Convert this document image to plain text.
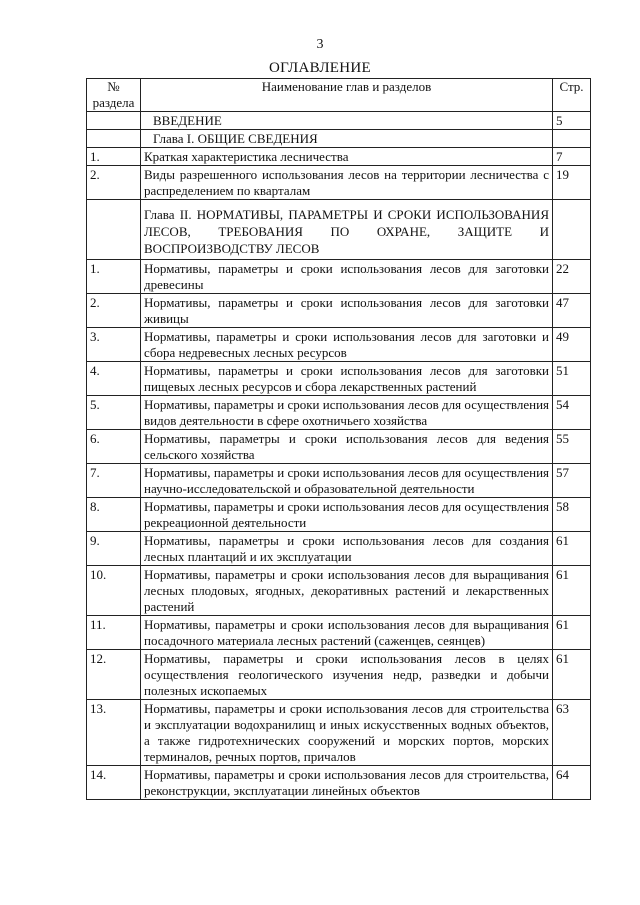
3
ОГЛАВЛЕНИЕ
№ раздела	Наименование глав и разделов	Стр.
	ВВЕДЕНИЕ	5
	Глава I. ОБЩИЕ СВЕДЕНИЯ	
1.	Краткая характеристика лесничества	7
2.	Виды разрешенного использования лесов на территории лесничества с распределением по кварталам	19
	Глава II. НОРМАТИВЫ, ПАРАМЕТРЫ И СРОКИ ИСПОЛЬЗОВАНИЯ ЛЕСОВ, ТРЕБОВАНИЯ ПО ОХРАНЕ, ЗАЩИТЕ И ВОСПРОИЗВОДСТВУ ЛЕСОВ	
1.	Нормативы, параметры и сроки использования лесов для заготовки древесины	22
2.	Нормативы, параметры и сроки использования лесов для заготовки живицы	47
3.	Нормативы, параметры и сроки использования лесов для заготовки и сбора недревесных лесных ресурсов	49
4.	Нормативы, параметры и сроки использования лесов для заготовки пищевых лесных ресурсов и сбора лекарственных растений	51
5.	Нормативы, параметры и сроки использования лесов для осуществления видов деятельности в сфере охотничьего хозяйства	54
6.	Нормативы, параметры и сроки использования лесов для ведения сельского хозяйства	55
7.	Нормативы, параметры и сроки использования лесов для осуществления научно-исследовательской и образовательной деятельности	57
8.	Нормативы, параметры и сроки использования лесов для осуществления рекреационной деятельности	58
9.	Нормативы, параметры и сроки использования лесов для создания лесных плантаций и их эксплуатации	61
10.	Нормативы, параметры и сроки использования лесов для выращивания лесных плодовых, ягодных, декоративных растений и лекарственных растений	61
11.	Нормативы, параметры и сроки использования лесов для выращивания посадочного материала лесных растений (саженцев, сеянцев)	61
12.	Нормативы, параметры и сроки использования лесов в целях осуществления геологического изучения недр, разведки и добычи полезных ископаемых	61
13.	Нормативы, параметры и сроки использования лесов для строительства и эксплуатации водохранилищ и иных искусственных водных объектов, а также гидротехнических сооружений и морских портов, морских терминалов, речных портов, причалов	63
14.	Нормативы, параметры и сроки использования лесов для строительства, реконструкции, эксплуатации линейных объектов	64
